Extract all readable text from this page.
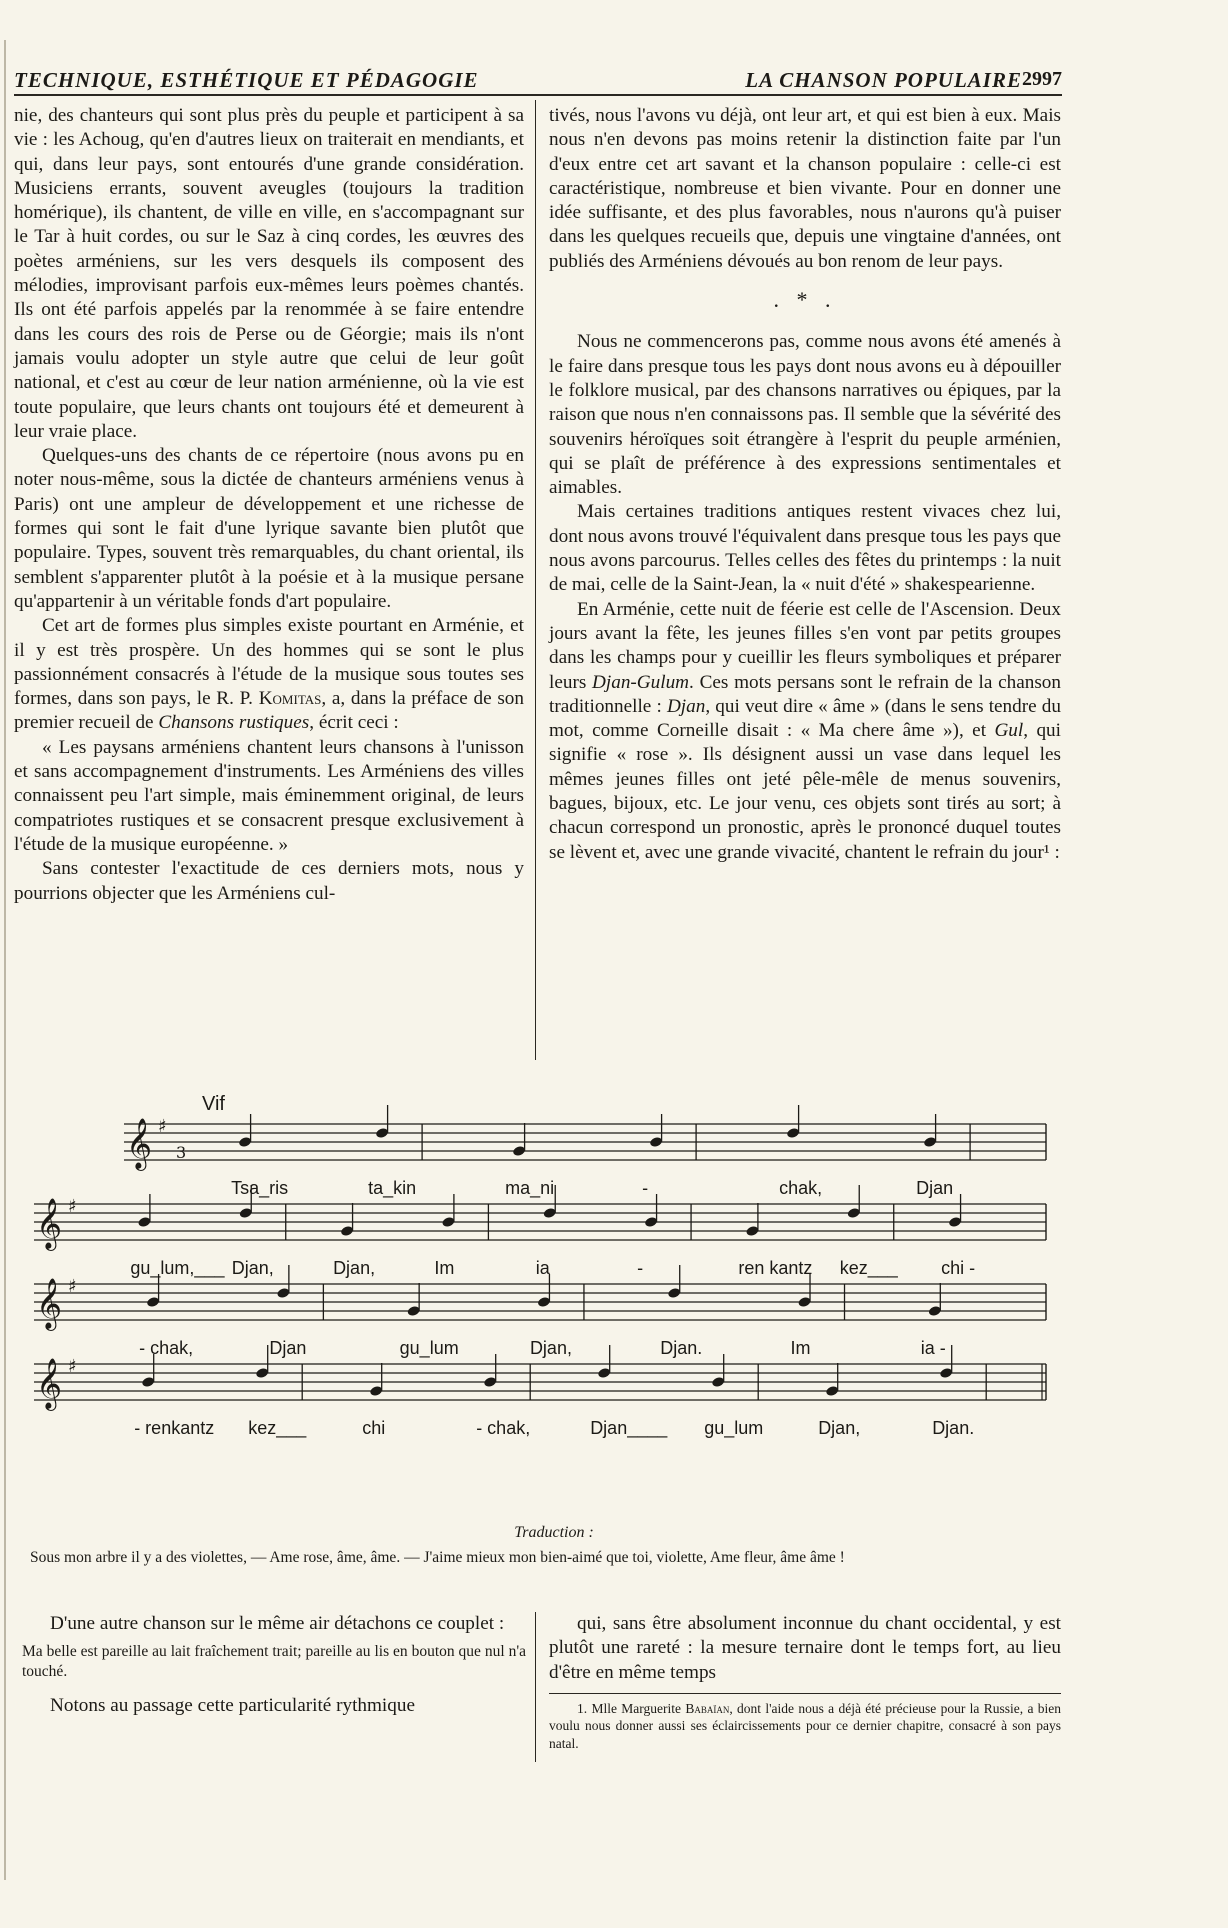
TECHNIQUE, ESTHÉTIQUE ET PÉDAGOGIE	LA CHANSON POPULAIRE 2997

nie, des chanteurs qui sont plus près du peuple et participent à sa vie : les Achoug, qu'en d'autres lieux on traiterait en mendiants, et qui, dans leur pays, sont entourés d'une grande considération. Musiciens errants, souvent aveugles (toujours la tradition homérique), ils chantent, de ville en ville, en s'accompagnant sur le Tar à huit cordes, ou sur le Saz à cinq cordes, les œuvres des poètes arméniens, sur les vers desquels ils composent des mélodies, improvisant parfois eux-mêmes leurs poèmes chantés. Ils ont été parfois appelés par la renommée à se faire entendre dans les cours des rois de Perse ou de Géorgie; mais ils n'ont jamais voulu adopter un style autre que celui de leur goût national, et c'est au cœur de leur nation arménienne, où la vie est toute populaire, que leurs chants ont toujours été et demeurent à leur vraie place.

Quelques-uns des chants de ce répertoire (nous avons pu en noter nous-même, sous la dictée de chanteurs arméniens venus à Paris) ont une ampleur de développement et une richesse de formes qui sont le fait d'une lyrique savante bien plutôt que populaire. Types, souvent très remarquables, du chant oriental, ils semblent s'apparenter plutôt à la poésie et à la musique persane qu'appartenir à un véritable fonds d'art populaire.

Cet art de formes plus simples existe pourtant en Arménie, et il y est très prospère. Un des hommes qui se sont le plus passionnément consacrés à l'étude de la musique sous toutes ses formes, dans son pays, le R. P. Komitas, a, dans la préface de son premier recueil de Chansons rustiques, écrit ceci :

« Les paysans arméniens chantent leurs chansons à l'unisson et sans accompagnement d'instruments. Les Arméniens des villes connaissent peu l'art simple, mais éminemment original, de leurs compatriotes rustiques et se consacrent presque exclusivement à l'étude de la musique européenne. »

Sans contester l'exactitude de ces derniers mots, nous y pourrions objecter que les Arméniens cul-

tivés, nous l'avons vu déjà, ont leur art, et qui est bien à eux. Mais nous n'en devons pas moins retenir la distinction faite par l'un d'eux entre cet art savant et la chanson populaire : celle-ci est caractéristique, nombreuse et bien vivante. Pour en donner une idée suffisante, et des plus favorables, nous n'aurons qu'à puiser dans les quelques recueils que, depuis une vingtaine d'années, ont publiés des Arméniens dévoués au bon renom de leur pays.

. * .

Nous ne commencerons pas, comme nous avons été amenés à le faire dans presque tous les pays dont nous avons eu à dépouiller le folklore musical, par des chansons narratives ou épiques, par la raison que nous n'en connaissons pas. Il semble que la sévérité des souvenirs héroïques soit étrangère à l'esprit du peuple arménien, qui se plaît de préférence à des expressions sentimentales et aimables.

Mais certaines traditions antiques restent vivaces chez lui, dont nous avons trouvé l'équivalent dans presque tous les pays que nous avons parcourus. Telles celles des fêtes du printemps : la nuit de mai, celle de la Saint-Jean, la « nuit d'été » shakespearienne.

En Arménie, cette nuit de féerie est celle de l'Ascension. Deux jours avant la fête, les jeunes filles s'en vont par petits groupes dans les champs pour y cueillir les fleurs symboliques et préparer leurs Djan-Gulum. Ces mots persans sont le refrain de la chanson traditionnelle : Djan, qui veut dire « âme » (dans le sens tendre du mot, comme Corneille disait : « Ma chere âme »), et Gul, qui signifie « rose ». Ils désignent aussi un vase dans lequel les mêmes jeunes filles ont jeté pêle-mêle de menus souvenirs, bagues, bijoux, etc. Le jour venu, ces objets sont tirés au sort; à chacun correspond un pronostic, après le prononcé duquel toutes se lèvent et, avec une grande vivacité, chantent le refrain du jour¹ :

Vif
𝄞 ♯
3
Tsa_ris	ta_kin	ma_ni	-	chak,	Djan
𝄞 ♯
gu_lum,___ Djan,	Djan,	Im	ia	-	ren kantz kez___ chi -
𝄞 ♯
- chak,	Djan	gu_lum	Djan,	Djan.	Im	ia -
𝄞 ♯
- renkantz kez___	chi	- chak,	Djan____ gu_lum	Djan,	Djan.
Traduction :
Sous mon arbre il y a des violettes, — Ame rose, âme, âme. — J'aime mieux mon bien-aimé que toi, violette, Ame fleur, âme âme !

D'une autre chanson sur le même air détachons ce couplet :

Ma belle est pareille au lait fraîchement trait; pareille au lis en bouton que nul n'a touché.

Notons au passage cette particularité rythmique

qui, sans être absolument inconnue du chant occidental, y est plutôt une rareté : la mesure ternaire dont le temps fort, au lieu d'être en même temps

1. Mlle Marguerite Babaïan, dont l'aide nous a déjà été précieuse pour la Russie, a bien voulu nous donner aussi ses éclaircissements pour ce dernier chapitre, consacré à son pays natal.
